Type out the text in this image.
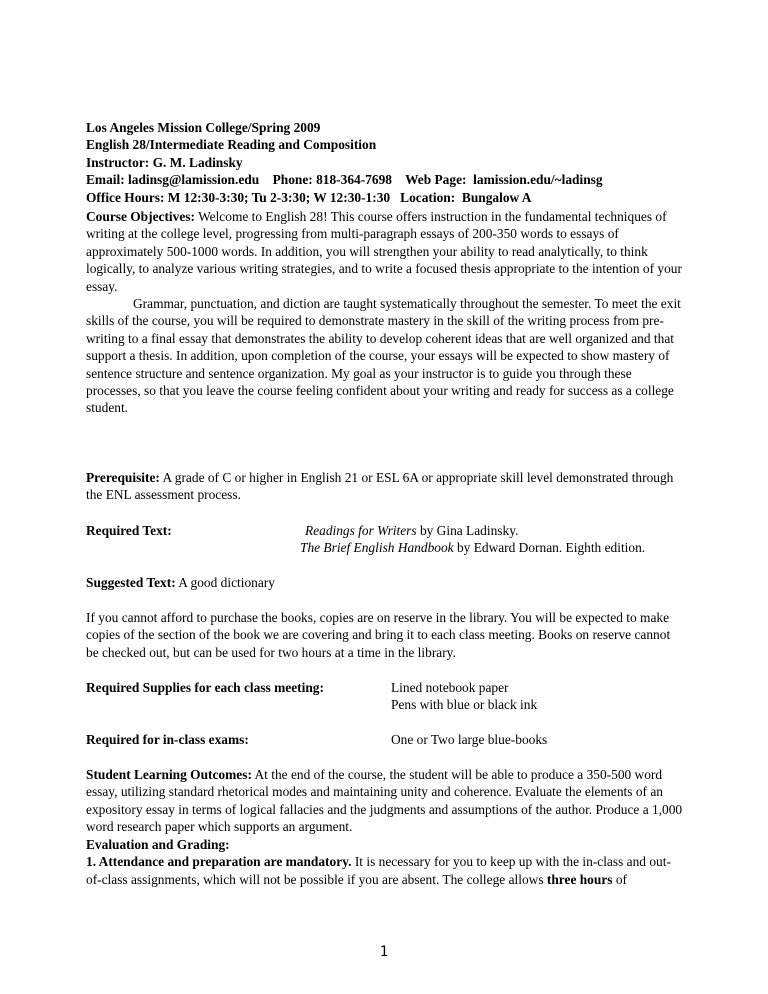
Los Angeles Mission College/Spring 2009
English 28/Intermediate Reading and Composition
Instructor: G. M. Ladinsky
Email: ladinsg@lamission.edu    Phone: 818-364-7698    Web Page:  lamission.edu/~ladinsg
Office Hours: M 12:30-3:30; Tu 2-3:30; W 12:30-1:30   Location:  Bungalow A
Course Objectives: Welcome to English 28! This course offers instruction in the fundamental techniques of writing at the college level, progressing from multi-paragraph essays of 200-350 words to essays of approximately 500-1000 words. In addition, you will strengthen your ability to read analytically, to think logically, to analyze various writing strategies, and to write a focused thesis appropriate to the intention of your essay.
Grammar, punctuation, and diction are taught systematically throughout the semester. To meet the exit skills of the course, you will be required to demonstrate mastery in the skill of the writing process from pre-writing to a final essay that demonstrates the ability to develop coherent ideas that are well organized and that support a thesis. In addition, upon completion of the course, your essays will be expected to show mastery of sentence structure and sentence organization. My goal as your instructor is to guide you through these processes, so that you leave the course feeling confident about your writing and ready for success as a college student.
Prerequisite: A grade of C or higher in English 21 or ESL 6A or appropriate skill level demonstrated through the ENL assessment process.
Required Text:	Readings for Writers by Gina Ladinsky.
The Brief English Handbook by Edward Dornan. Eighth edition.
Suggested Text: A good dictionary
If you cannot afford to purchase the books, copies are on reserve in the library. You will be expected to make copies of the section of the book we are covering and bring it to each class meeting. Books on reserve cannot be checked out, but can be used for two hours at a time in the library.
Required Supplies for each class meeting:	Lined notebook paper
Pens with blue or black ink
Required for in-class exams:	One or Two large blue-books
Student Learning Outcomes: At the end of the course, the student will be able to produce a 350-500 word essay, utilizing standard rhetorical modes and maintaining unity and coherence. Evaluate the elements of an expository essay in terms of logical fallacies and the judgments and assumptions of the author. Produce a 1,000 word research paper which supports an argument.
Evaluation and Grading:
1. Attendance and preparation are mandatory. It is necessary for you to keep up with the in-class and out-of-class assignments, which will not be possible if you are absent. The college allows three hours of
1
